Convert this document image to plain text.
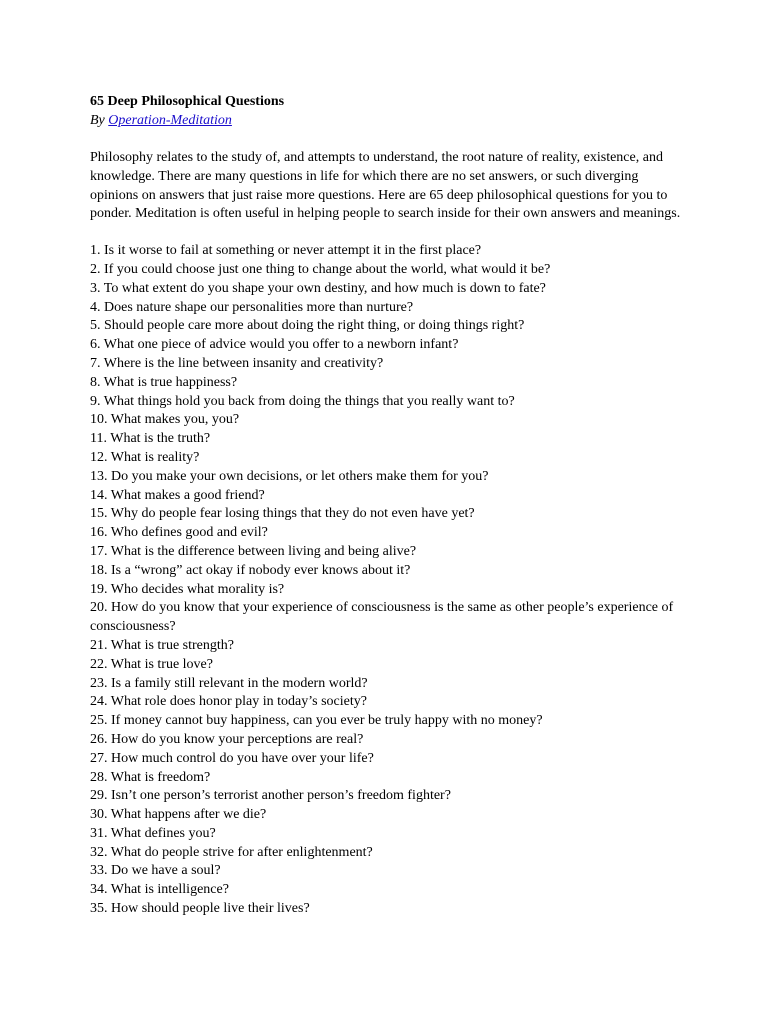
65 Deep Philosophical Questions

By Operation-Meditation

Philosophy relates to the study of, and attempts to understand, the root nature of reality, existence, and knowledge. There are many questions in life for which there are no set answers, or such diverging opinions on answers that just raise more questions. Here are 65 deep philosophical questions for you to ponder. Meditation is often useful in helping people to search inside for their own answers and meanings.

1. Is it worse to fail at something or never attempt it in the first place?
2. If you could choose just one thing to change about the world, what would it be?
3. To what extent do you shape your own destiny, and how much is down to fate?
4. Does nature shape our personalities more than nurture?
5. Should people care more about doing the right thing, or doing things right?
6. What one piece of advice would you offer to a newborn infant?
7. Where is the line between insanity and creativity?
8. What is true happiness?
9. What things hold you back from doing the things that you really want to?
10. What makes you, you?
11. What is the truth?
12. What is reality?
13. Do you make your own decisions, or let others make them for you?
14. What makes a good friend?
15. Why do people fear losing things that they do not even have yet?
16. Who defines good and evil?
17. What is the difference between living and being alive?
18. Is a “wrong” act okay if nobody ever knows about it?
19. Who decides what morality is?
20. How do you know that your experience of consciousness is the same as other people’s experience of consciousness?
21. What is true strength?
22. What is true love?
23. Is a family still relevant in the modern world?
24. What role does honor play in today’s society?
25. If money cannot buy happiness, can you ever be truly happy with no money?
26. How do you know your perceptions are real?
27. How much control do you have over your life?
28. What is freedom?
29. Isn’t one person’s terrorist another person’s freedom fighter?
30. What happens after we die?
31. What defines you?
32. What do people strive for after enlightenment?
33. Do we have a soul?
34. What is intelligence?
35. How should people live their lives?
